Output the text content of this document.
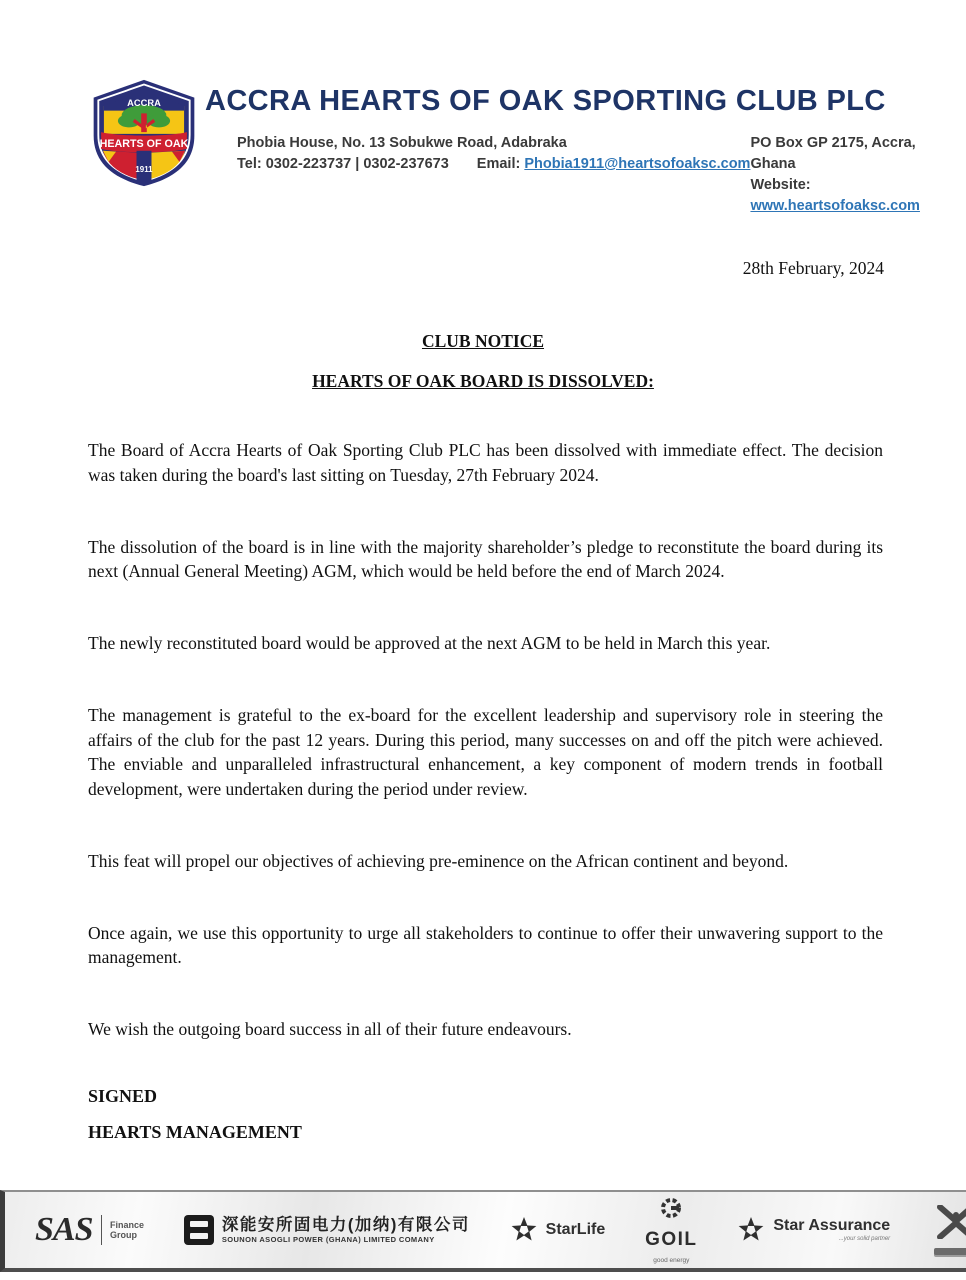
ACCRA
HEARTS OF OAK
1911
ACCRA HEARTS OF OAK SPORTING CLUB PLC
Phobia House, No. 13 Sobukwe Road, Adabraka
Tel: 0302-223737 | 0302-237673 Email: Phobia1911@heartsofoaksc.com
PO Box GP 2175, Accra, Ghana
Website: www.heartsofoaksc.com
28th February, 2024
CLUB NOTICE
HEARTS OF OAK BOARD IS DISSOLVED:

The Board of Accra Hearts of Oak Sporting Club PLC has been dissolved with immediate effect. The decision was taken during the board's last sitting on Tuesday, 27th February 2024.

The dissolution of the board is in line with the majority shareholder’s pledge to reconstitute the board during its next (Annual General Meeting) AGM, which would be held before the end of March 2024.

The newly reconstituted board would be approved at the next AGM to be held in March this year.

The management is grateful to the ex-board for the excellent leadership and supervisory role in steering the affairs of the club for the past 12 years. During this period, many successes on and off the pitch were achieved. The enviable and unparalleled infrastructural enhancement, a key component of modern trends in football development, were undertaken during the period under review.

This feat will propel our objectives of achieving pre-eminence on the African continent and beyond.

Once again, we use this opportunity to urge all stakeholders to continue to offer their unwavering support to the management.

We wish the outgoing board success in all of their future endeavours.

SIGNED
HEARTS MANAGEMENT
SAS Finance
Group
深能安所固电力(加纳)有限公司
SOUNON ASOGLI POWER (GHANA) LIMITED COMANY
StarLife GOIL
good energy
Star Assurance
...your solid partner
